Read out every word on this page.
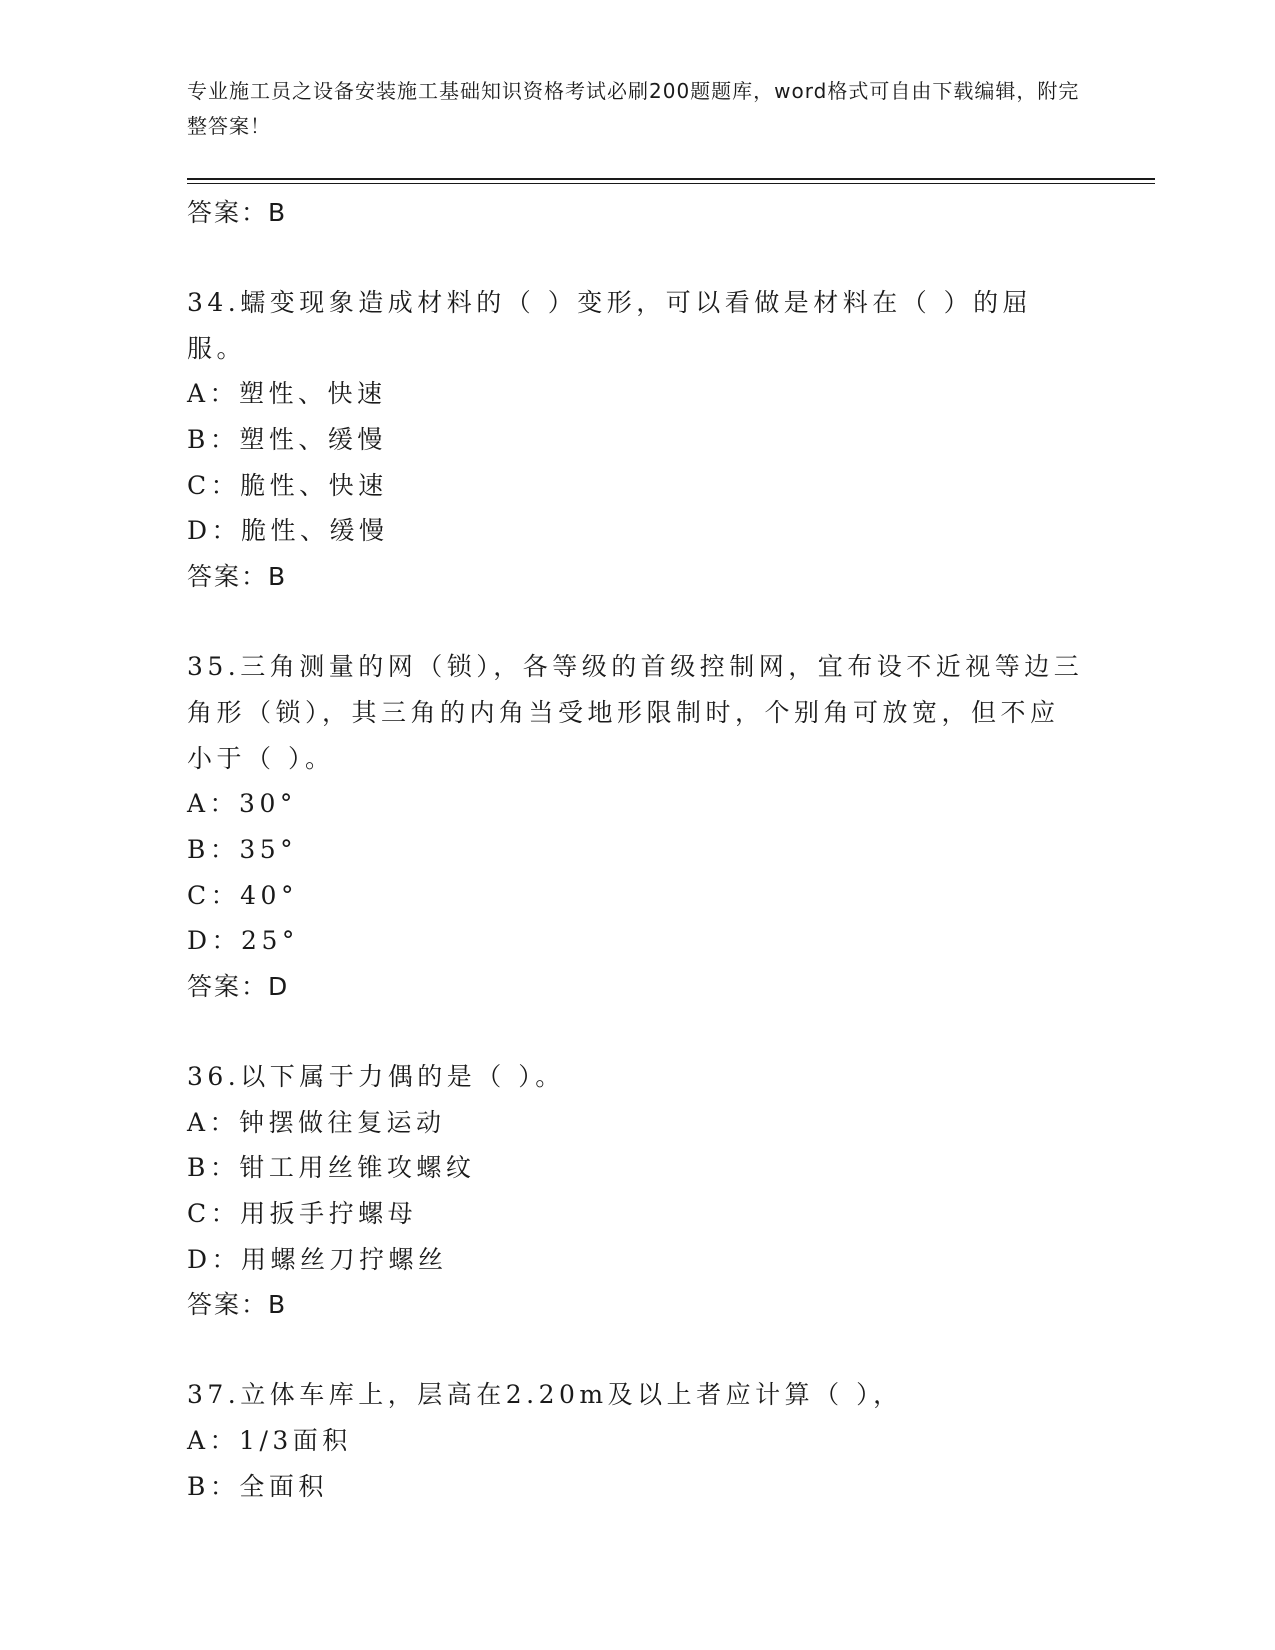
专业施工员之设备安装施工基础知识资格考试必刷200题题库，word格式可自由下载编辑，附完整答案！
答案：B
34.蠕变现象造成材料的（ ）变形，可以看做是材料在（ ）的屈服。
A：塑性、快速
B：塑性、缓慢
C：脆性、快速
D：脆性、缓慢
答案：B
35.三角测量的网（锁），各等级的首级控制网，宜布设不近视等边三角形（锁），其三角的内角当受地形限制时，个别角可放宽，但不应小于（ ）。
A：30°
B：35°
C：40°
D：25°
答案：D
36.以下属于力偶的是（ ）。
A：钟摆做往复运动
B：钳工用丝锥攻螺纹
C：用扳手拧螺母
D：用螺丝刀拧螺丝
答案：B
37.立体车库上，层高在2.20m及以上者应计算（ ），
A：1/3面积
B：全面积
